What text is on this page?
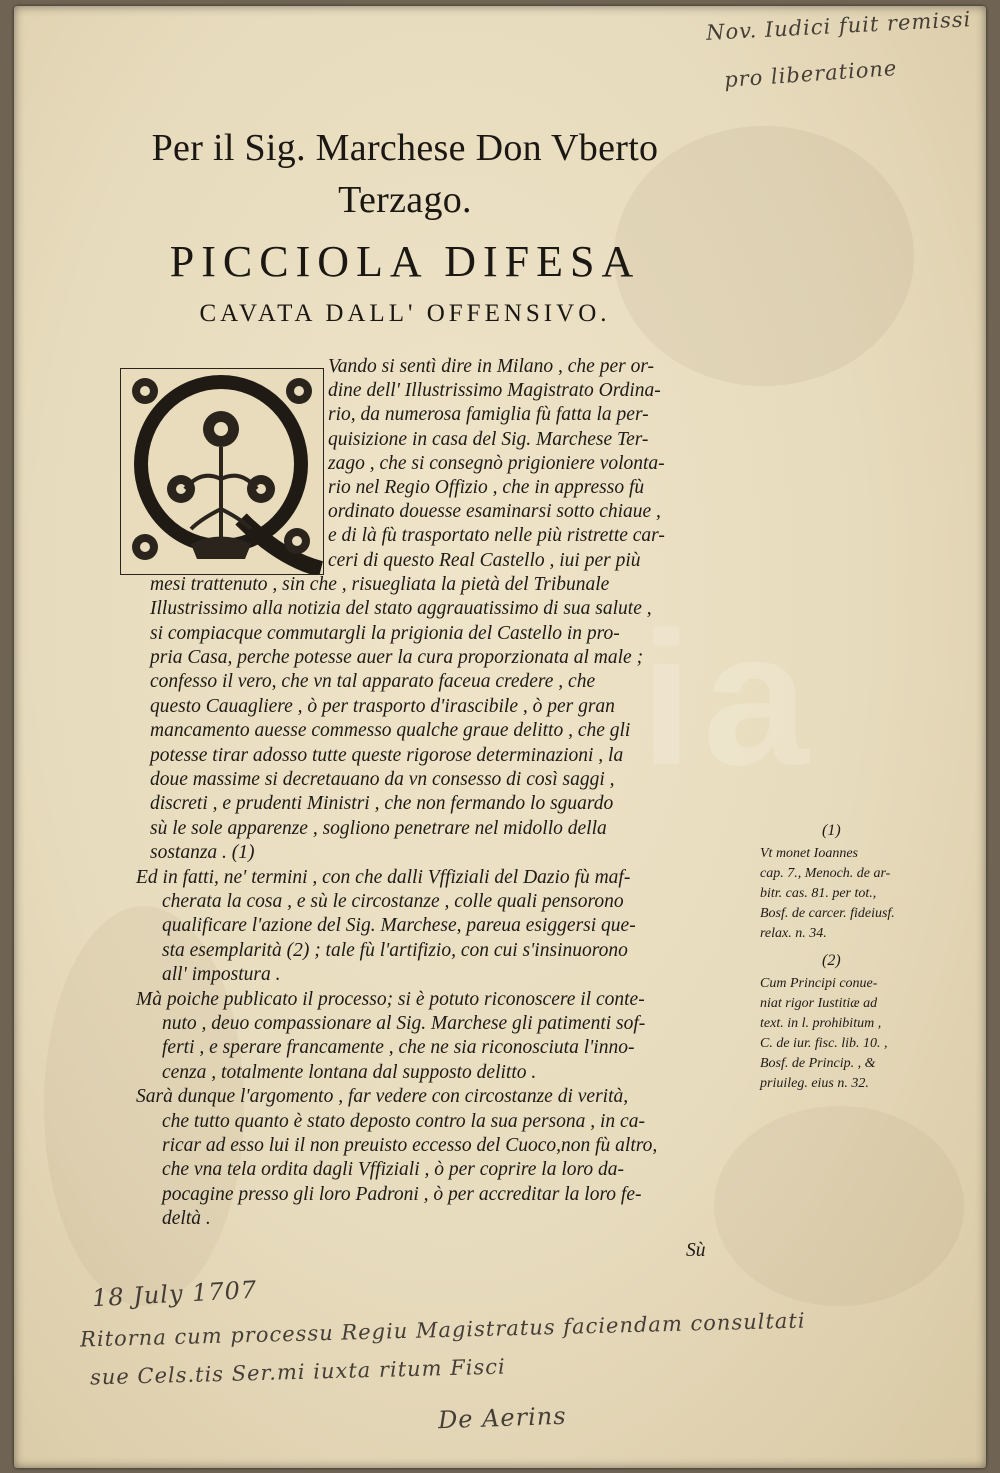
ia
Nov. Iudici fuit remissi
pro liberatione
Per il Sig. Marchese Don Vberto
Terzago.
PICCIOLA DIFESA
CAVATA DALL' OFFENSIVO.
Vando si sentì dire in Milano , che per or-
dine dell' Illustrissimo Magistrato Ordina-
rio, da numerosa famiglia fù fatta la per-
quisizione in casa del Sig. Marchese Ter-
zago , che si consegnò prigioniere volonta-
rio nel Regio Offizio , che in appresso fù
ordinato douesse esaminarsi sotto chiaue ,
e di là fù trasportato nelle più ristrette car-
ceri di questo Real Castello , iui per più
mesi trattenuto , sin che , risuegliata la pietà del Tribunale
Illustrissimo alla notizia del stato aggrauatissimo di sua salute ,
si compiacque commutargli la prigionia del Castello in pro-
pria Casa, perche potesse auer la cura proporzionata al male ;
confesso il vero, che vn tal apparato faceua credere , che
questo Cauagliere , ò per trasporto d'irascibile , ò per gran
mancamento auesse commesso qualche graue delitto , che gli
potesse tirar adosso tutte queste rigorose determinazioni , la
doue massime si decretauano da vn consesso di così saggi ,
discreti , e prudenti Ministri , che non fermando lo sguardo
sù le sole apparenze , sogliono penetrare nel midollo della
sostanza . (1)
Ed in fatti, ne' termini , con che dalli Vffiziali del Dazio fù maf-
cherata la cosa , e sù le circostanze , colle quali pensorono
qualificare l'azione del Sig. Marchese, pareua esiggersi que-
sta esemplarità (2) ; tale fù l'artifizio, con cui s'insinuorono
all' impostura .
Mà poiche publicato il processo; si è potuto riconoscere il conte-
nuto , deuo compassionare al Sig. Marchese gli patimenti sof-
ferti , e sperare francamente , che ne sia riconosciuta l'inno-
cenza , totalmente lontana dal supposto delitto .
Sarà dunque l'argomento , far vedere con circostanze di verità,
che tutto quanto è stato deposto contro la sua persona , in ca-
ricar ad esso lui il non preuisto eccesso del Cuoco,non fù altro,
che vna tela ordita dagli Vffiziali , ò per coprire la loro da-
pocagine presso gli loro Padroni , ò per accreditar la loro fe-
deltà .
(1)
Vt monet Ioannes
cap. 7., Menoch. de ar-
bitr. cas. 81. per tot.,
Bosf. de carcer. fideiusf.
relax. n. 34.
(2)
Cum Principi conue-
niat rigor Iustitiæ ad
text. in l. prohibitum ,
C. de iur. fisc. lib. 10. ,
Bosf. de Princip. , &
priuileg. eius n. 32.
Sù
18 July 1707
Ritorna cum processu Regiu Magistratus faciendam consultati
sue Cels.tis Ser.mi iuxta ritum Fisci
De Aerins
